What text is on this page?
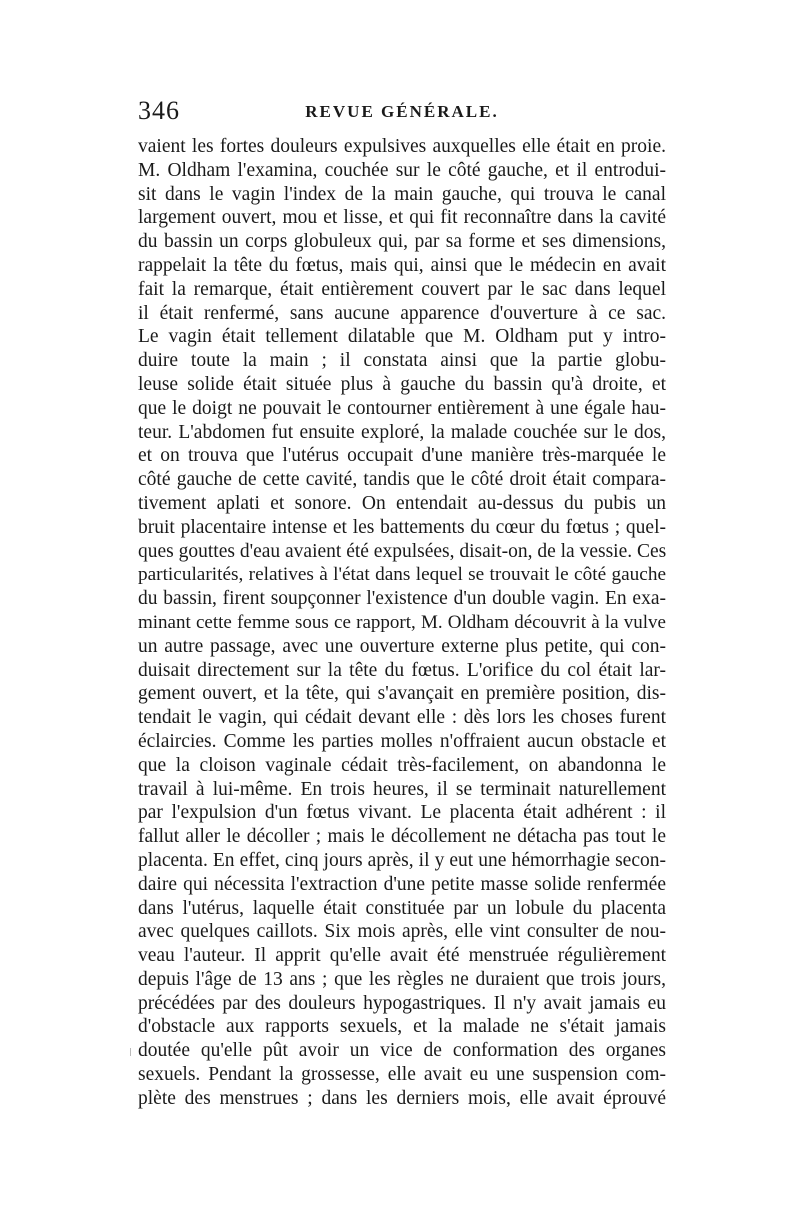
346	REVUE GÉNÉRALE.
vaient les fortes douleurs expulsives auxquelles elle était en proie.
M. Oldham l'examina, couchée sur le côté gauche, et il entrodui-
sit dans le vagin l'index de la main gauche, qui trouva le canal
largement ouvert, mou et lisse, et qui fit reconnaître dans la cavité
du bassin un corps globuleux qui, par sa forme et ses dimensions,
rappelait la tête du fœtus, mais qui, ainsi que le médecin en avait
fait la remarque, était entièrement couvert par le sac dans lequel
il était renfermé, sans aucune apparence d'ouverture à ce sac.
Le vagin était tellement dilatable que M. Oldham put y intro-
duire toute la main ; il constata ainsi que la partie globu-
leuse solide était située plus à gauche du bassin qu'à droite, et
que le doigt ne pouvait le contourner entièrement à une égale hau-
teur. L'abdomen fut ensuite exploré, la malade couchée sur le dos,
et on trouva que l'utérus occupait d'une manière très-marquée le
côté gauche de cette cavité, tandis que le côté droit était compara-
tivement aplati et sonore. On entendait au-dessus du pubis un
bruit placentaire intense et les battements du cœur du fœtus ; quel-
ques gouttes d'eau avaient été expulsées, disait-on, de la vessie. Ces
particularités, relatives à l'état dans lequel se trouvait le côté gauche
du bassin, firent soupçonner l'existence d'un double vagin. En exa-
minant cette femme sous ce rapport, M. Oldham découvrit à la vulve
un autre passage, avec une ouverture externe plus petite, qui con-
duisait directement sur la tête du fœtus. L'orifice du col était lar-
gement ouvert, et la tête, qui s'avançait en première position, dis-
tendait le vagin, qui cédait devant elle : dès lors les choses furent
éclaircies. Comme les parties molles n'offraient aucun obstacle et
que la cloison vaginale cédait très-facilement, on abandonna le
travail à lui-même. En trois heures, il se terminait naturellement
par l'expulsion d'un fœtus vivant. Le placenta était adhérent : il
fallut aller le décoller ; mais le décollement ne détacha pas tout le
placenta. En effet, cinq jours après, il y eut une hémorrhagie secon-
daire qui nécessita l'extraction d'une petite masse solide renfermée
dans l'utérus, laquelle était constituée par un lobule du placenta
avec quelques caillots. Six mois après, elle vint consulter de nou-
veau l'auteur. Il apprit qu'elle avait été menstruée régulièrement
depuis l'âge de 13 ans ; que les règles ne duraient que trois jours,
précédées par des douleurs hypogastriques. Il n'y avait jamais eu
d'obstacle aux rapports sexuels, et la malade ne s'était jamais
doutée qu'elle pût avoir un vice de conformation des organes
sexuels. Pendant la grossesse, elle avait eu une suspension com-
plète des menstrues ; dans les derniers mois, elle avait éprouvé
